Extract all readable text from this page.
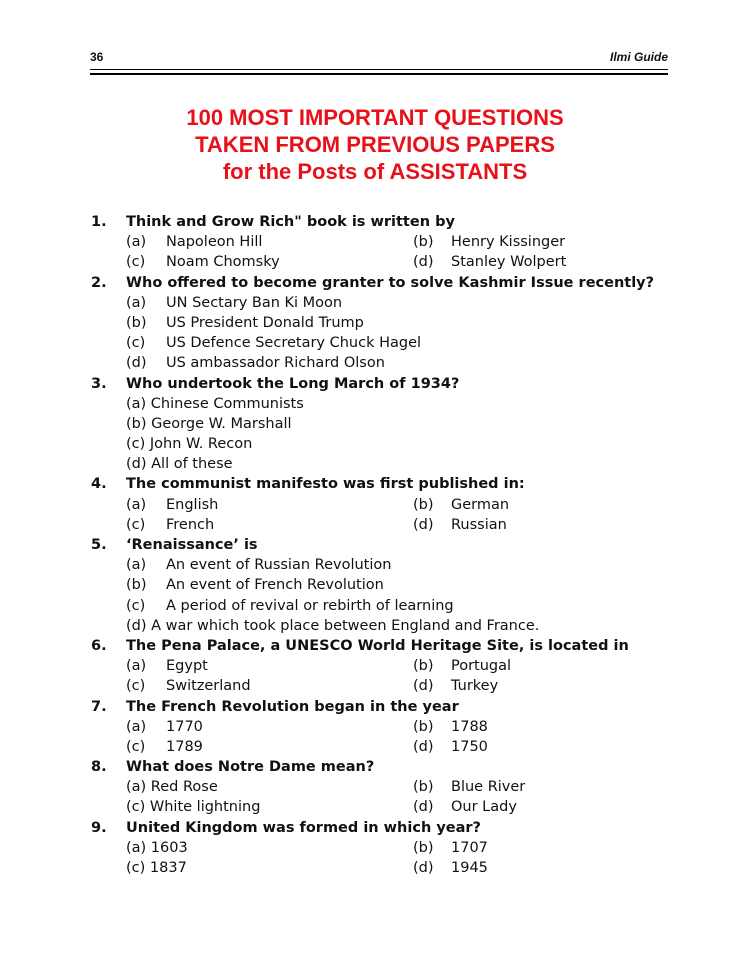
36	Ilmi Guide
100 MOST IMPORTANT QUESTIONS
TAKEN FROM PREVIOUS PAPERS
for the Posts of ASSISTANTS
1. Think and Grow Rich" book is written by
(a) Napoleon Hill	(b) Henry Kissinger
(c) Noam Chomsky	(d) Stanley Wolpert
2. Who offered to become granter to solve Kashmir Issue recently?
(a) UN Sectary Ban Ki Moon
(b) US President Donald Trump
(c) US Defence Secretary Chuck Hagel
(d) US ambassador Richard Olson
3. Who undertook the Long March of 1934?
(a) Chinese Communists
(b) George W. Marshall
(c) John W. Recon
(d) All of these
4. The communist manifesto was first published in:
(a) English	(b) German
(c) French	(d) Russian
5. ‘Renaissance’ is
(a) An event of Russian Revolution
(b) An event of French Revolution
(c) A period of revival or rebirth of learning
(d) A war which took place between England and France.
6. The Pena Palace, a UNESCO World Heritage Site, is located in
(a) Egypt	(b) Portugal
(c) Switzerland	(d) Turkey
7. The French Revolution began in the year
(a) 1770	(b) 1788
(c) 1789	(d) 1750
8. What does Notre Dame mean?
(a) Red Rose	(b) Blue River
(c) White lightning	(d) Our Lady
9. United Kingdom was formed in which year?
(a) 1603	(b) 1707
(c) 1837	(d) 1945
